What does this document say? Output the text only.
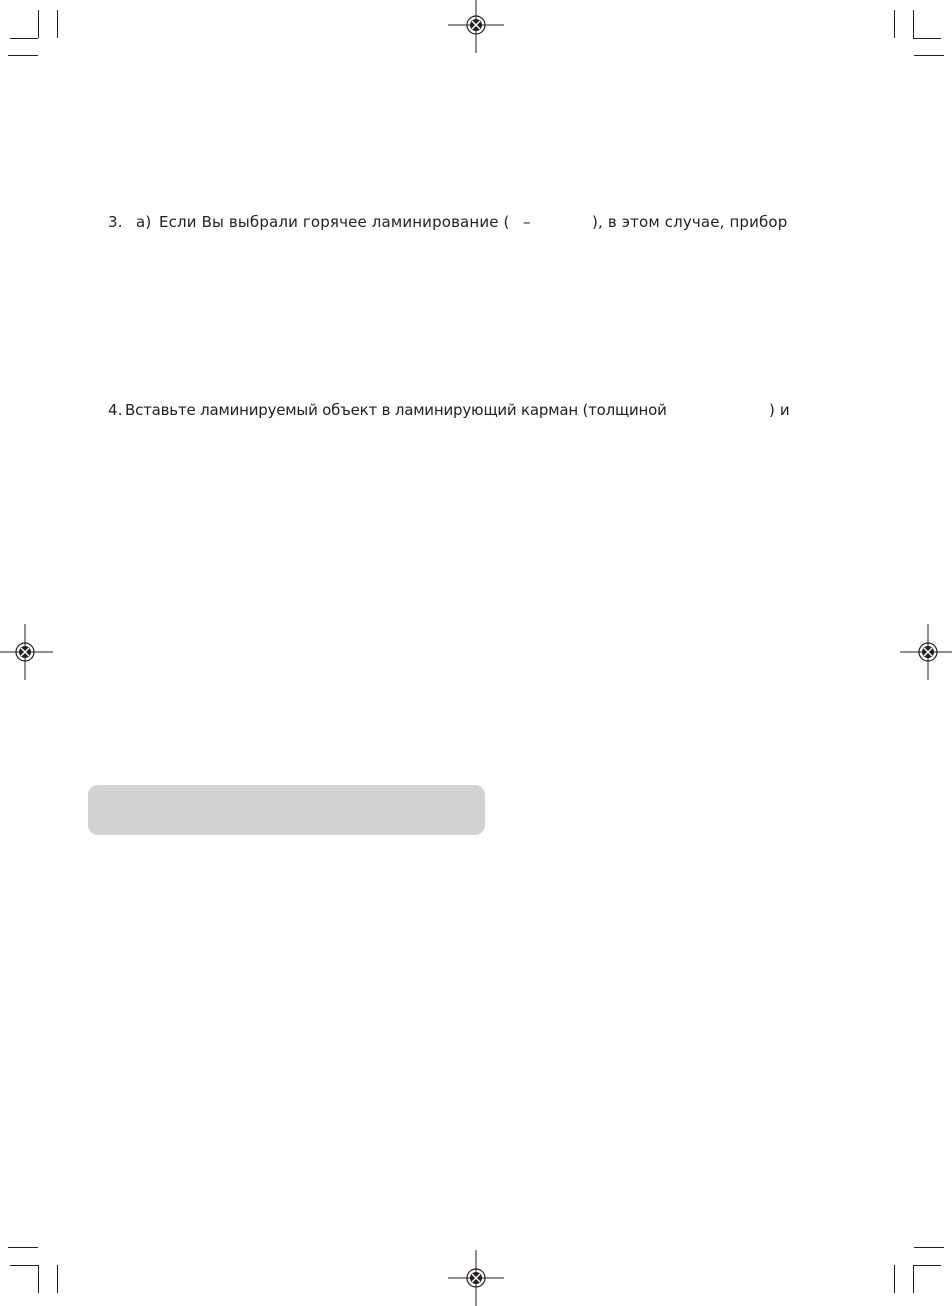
3. а) Если Вы выбрали горячее ламинирование ( –	), в этом случае, прибор
4. Вставьте ламинируемый объект в ламинирующий карман (толщиной	) и
